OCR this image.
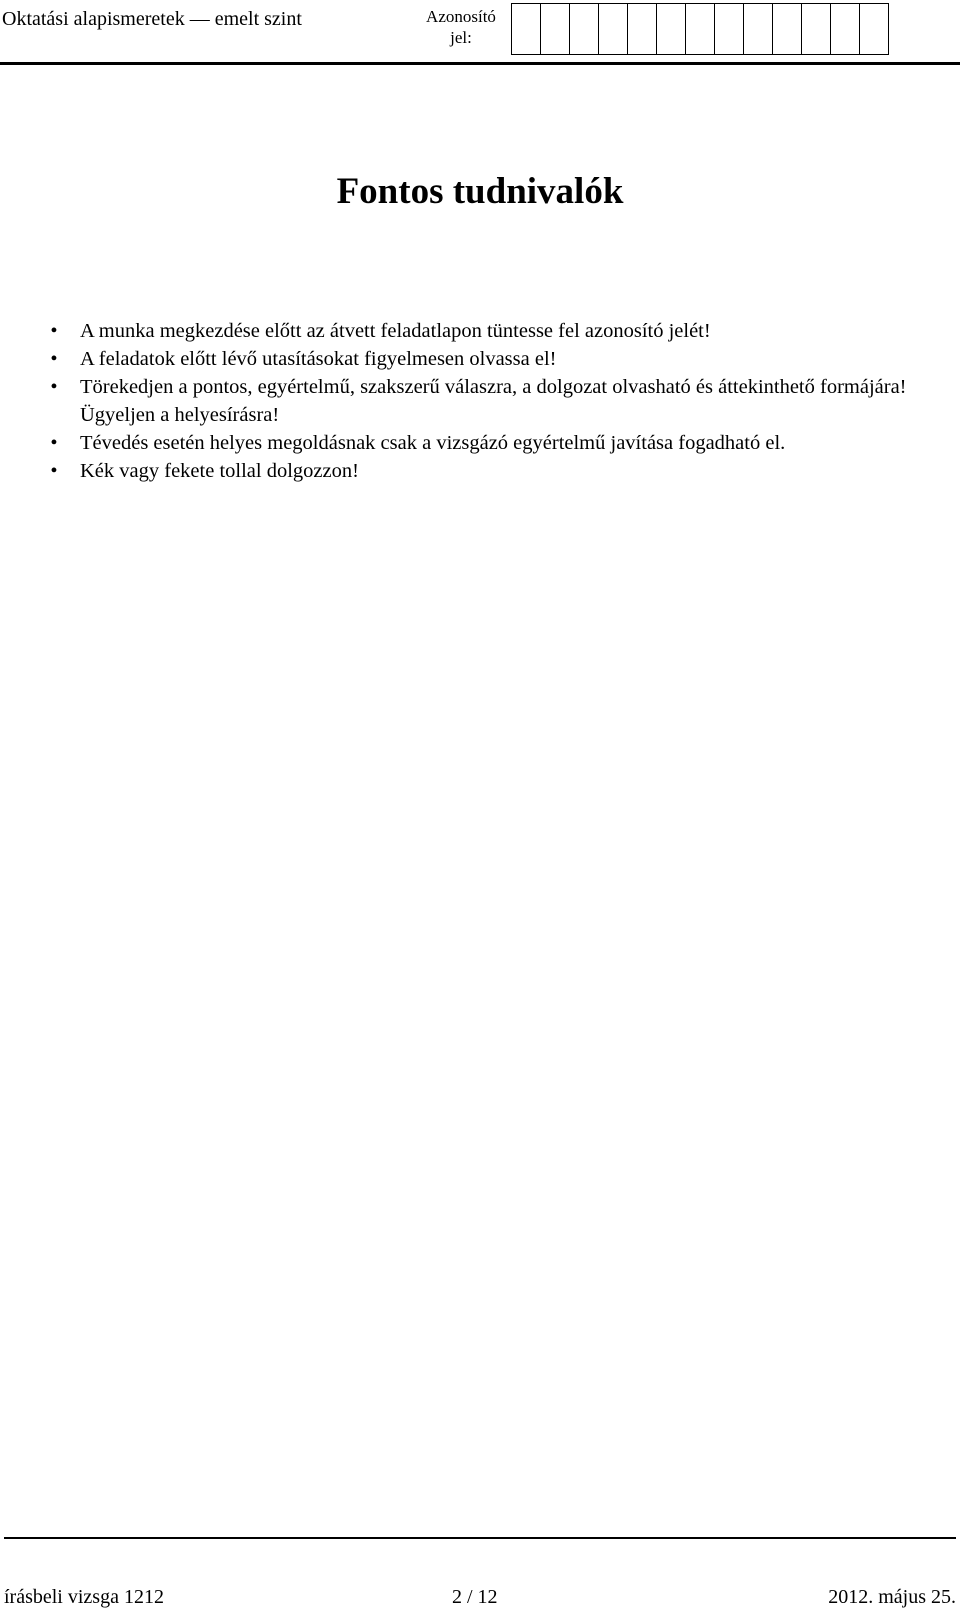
Oktatási alapismeretek — emelt szint	Azonosító jel:
Fontos tudnivalók
• A munka megkezdése előtt az átvett feladatlapon tüntesse fel azonosító jelét!
• A feladatok előtt lévő utasításokat figyelmesen olvassa el!
• Törekedjen a pontos, egyértelmű, szakszerű válaszra, a dolgozat olvasható és áttekinthető formájára! Ügyeljen a helyesírásra!
• Tévedés esetén helyes megoldásnak csak a vizsgázó egyértelmű javítása fogadható el.
• Kék vagy fekete tollal dolgozzon!
írásbeli vizsga 1212	2 / 12	2012. május 25.
